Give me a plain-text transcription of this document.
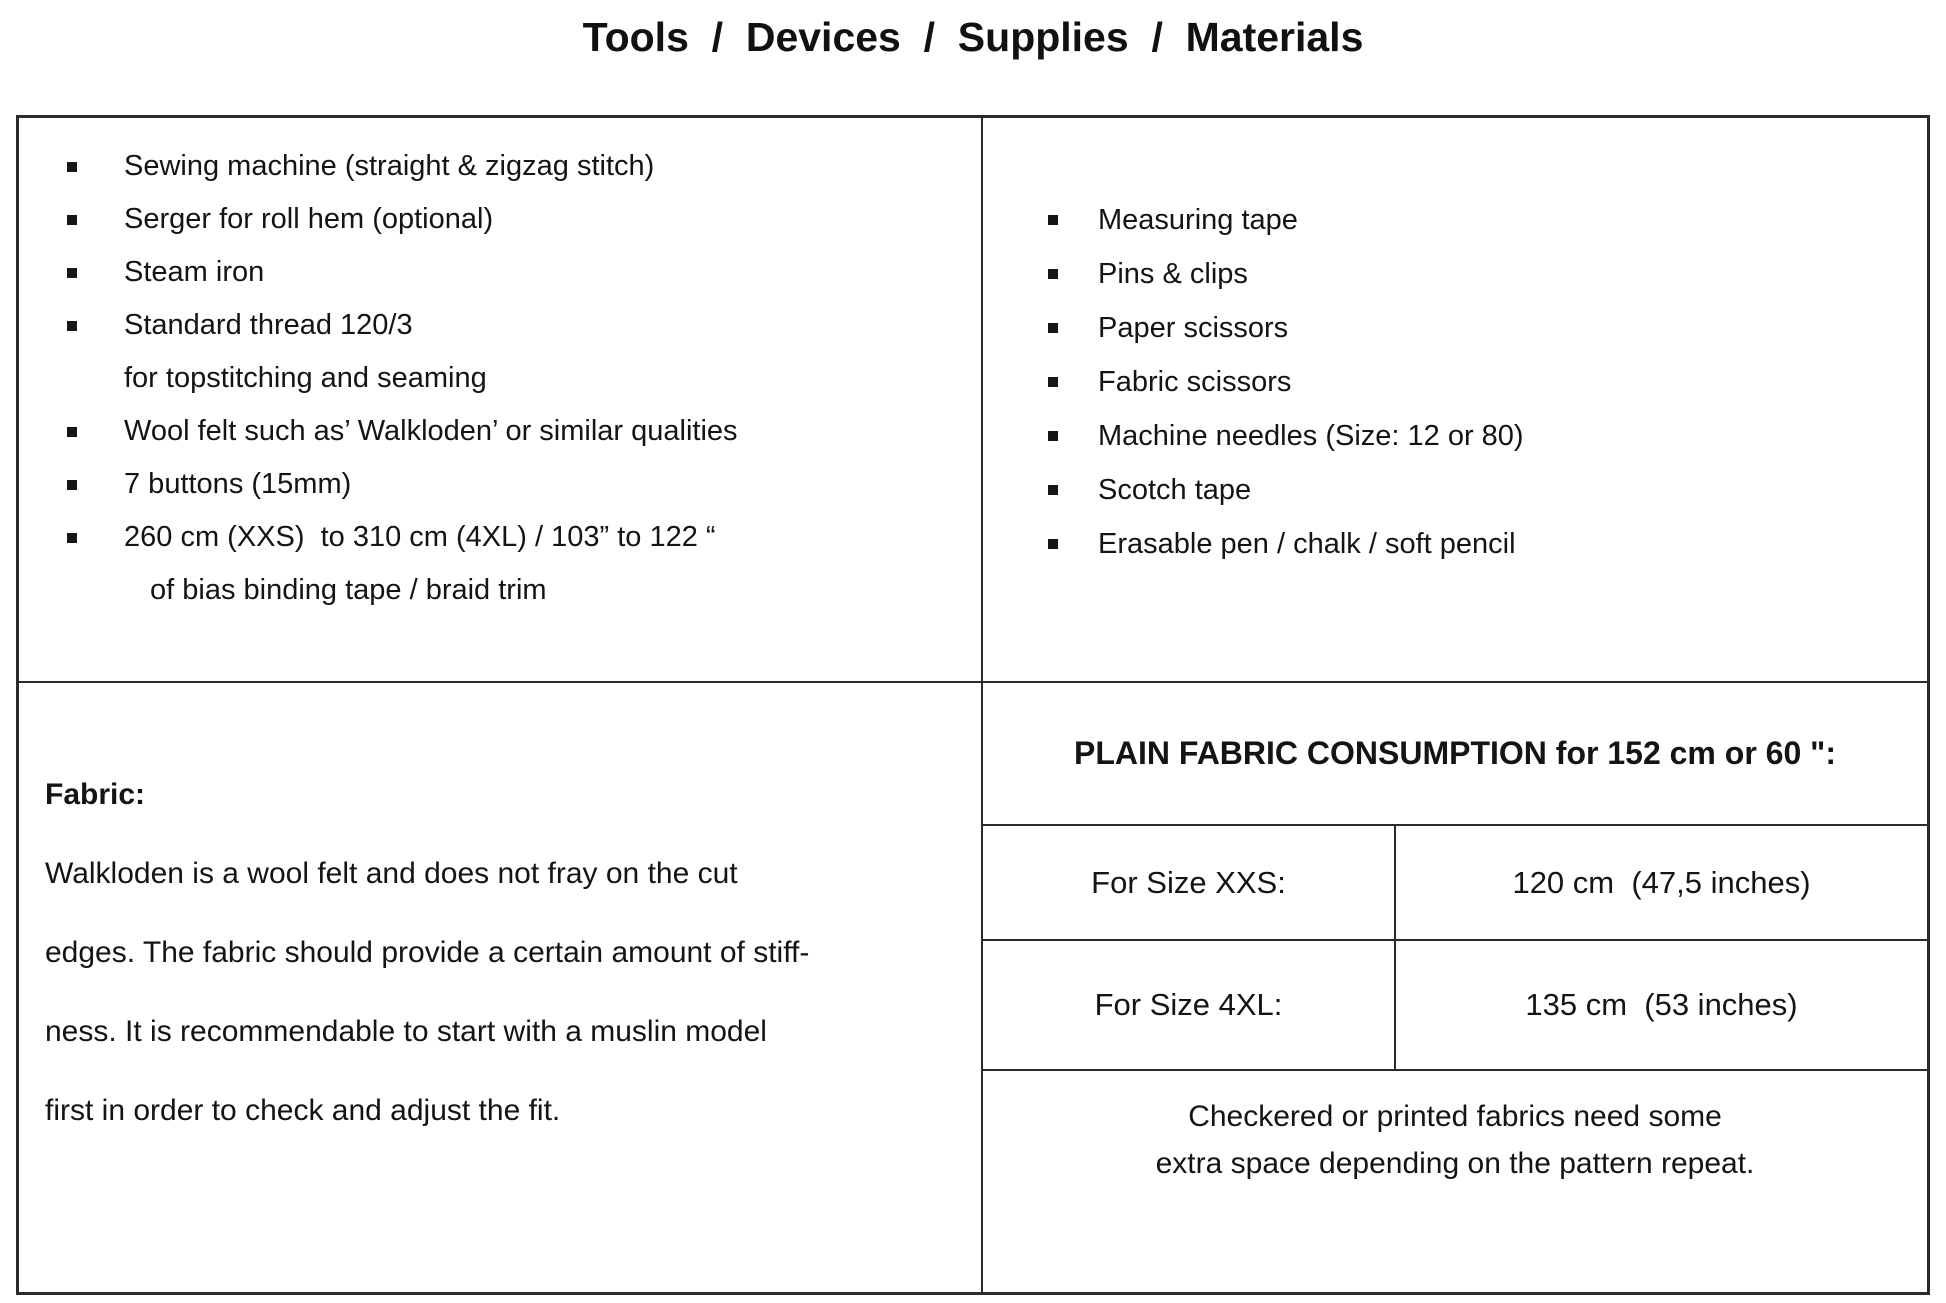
Tools  /  Devices  /  Supplies  /  Materials
Sewing machine (straight & zigzag stitch)
Serger for roll hem (optional)
Steam iron
Standard thread 120/3
for topstitching and seaming
Wool felt such as’ Walkloden’ or similar qualities
7 buttons (15mm)
260 cm (XXS)  to 310 cm (4XL) / 103” to 122 “
of bias binding tape / braid trim
Measuring tape
Pins & clips
Paper scissors
Fabric scissors
Machine needles (Size: 12 or 80)
Scotch tape
Erasable pen / chalk / soft pencil
Fabric:
Walkloden is a wool felt and does not fray on the cut
edges. The fabric should provide a certain amount of stiff-
ness. It is recommendable to start with a muslin model
first in order to check and adjust the fit.
PLAIN FABRIC CONSUMPTION for 152 cm or 60 ":
For Size XXS:	120 cm  (47,5 inches)
For Size 4XL:	135 cm  (53 inches)
Checkered or printed fabrics need some
extra space depending on the pattern repeat.
